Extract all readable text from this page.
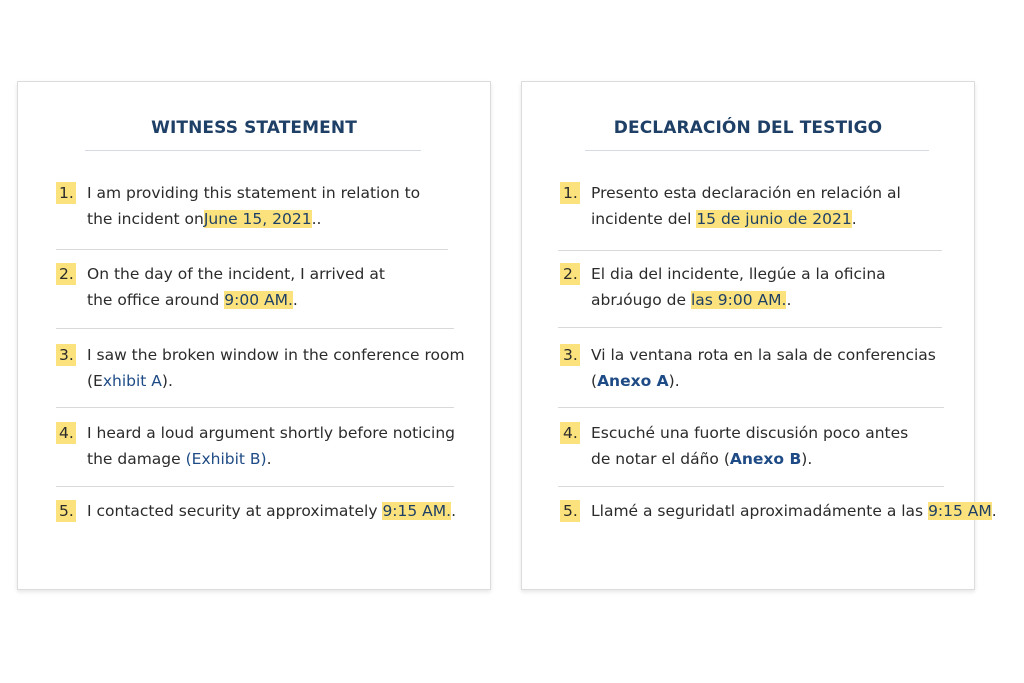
WITNESS STATEMENT
1. I am providing this statement in relation to
the incident onJune 15, 2021..
2. On the day of the incident, I arrived at
the office around 9:00 AM..
3. I saw the broken window in the conference room
(Exhibit A).
4. I heard a loud argument shortly before noticing
the damage (Exhibit B).
5. I contacted security at approximately 9:15 AM..
DECLARACIÓN DEL TESTIGO
1. Presento esta declaración en relación al
incidente del 15 de junio de 2021.
2. El dia del incidente, llegúe a la oficina
abrɹóugo de las 9:00 AM..
3. Vi la ventana rota en la sala de conferencias
(Anexo A).
4. Escuché una fuorte discusión poco antes
de notar el dáño (Anexo B).
5. Llamé a seguridatl aproximadámente a las 9:15 AM.
